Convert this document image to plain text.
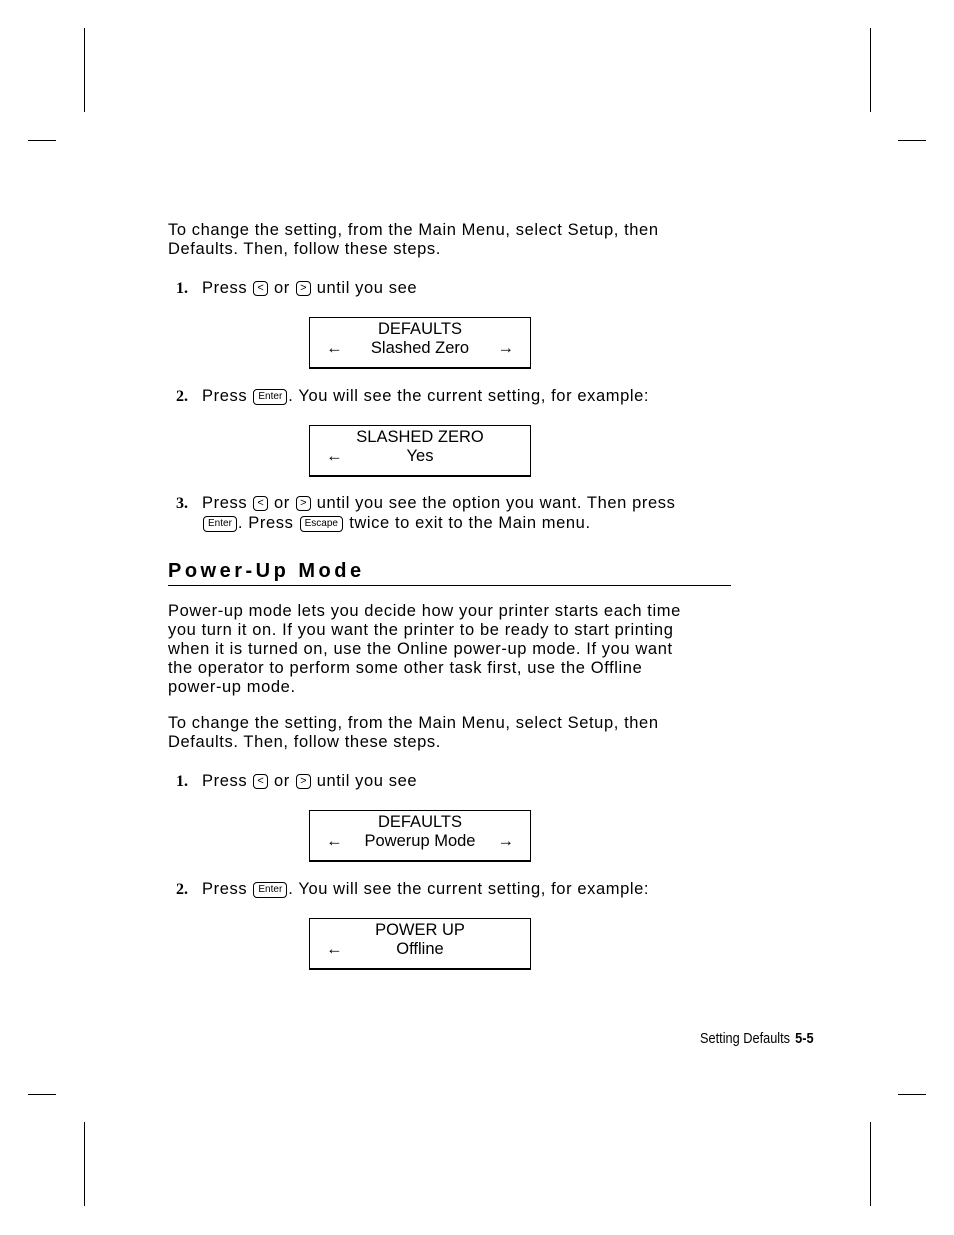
To change the setting, from the Main Menu, select Setup, then
Defaults. Then, follow these steps.
1. Press < or > until you see
DEFAULTS
←	Slashed Zero	→
2. Press Enter . You will see the current setting, for example:
SLASHED ZERO
←	Yes
3. Press < or > until you see the option you want. Then press
Enter . Press Escape twice to exit to the Main menu.
Power-Up Mode
Power-up mode lets you decide how your printer starts each time
you turn it on. If you want the printer to be ready to start printing
when it is turned on, use the Online power-up mode. If you want
the operator to perform some other task first, use the Offline
power-up mode.
To change the setting, from the Main Menu, select Setup, then
Defaults. Then, follow these steps.
1. Press < or > until you see
DEFAULTS
←	Powerup Mode	→
2. Press Enter . You will see the current setting, for example:
POWER UP
←	Offline
Setting Defaults 5-5
